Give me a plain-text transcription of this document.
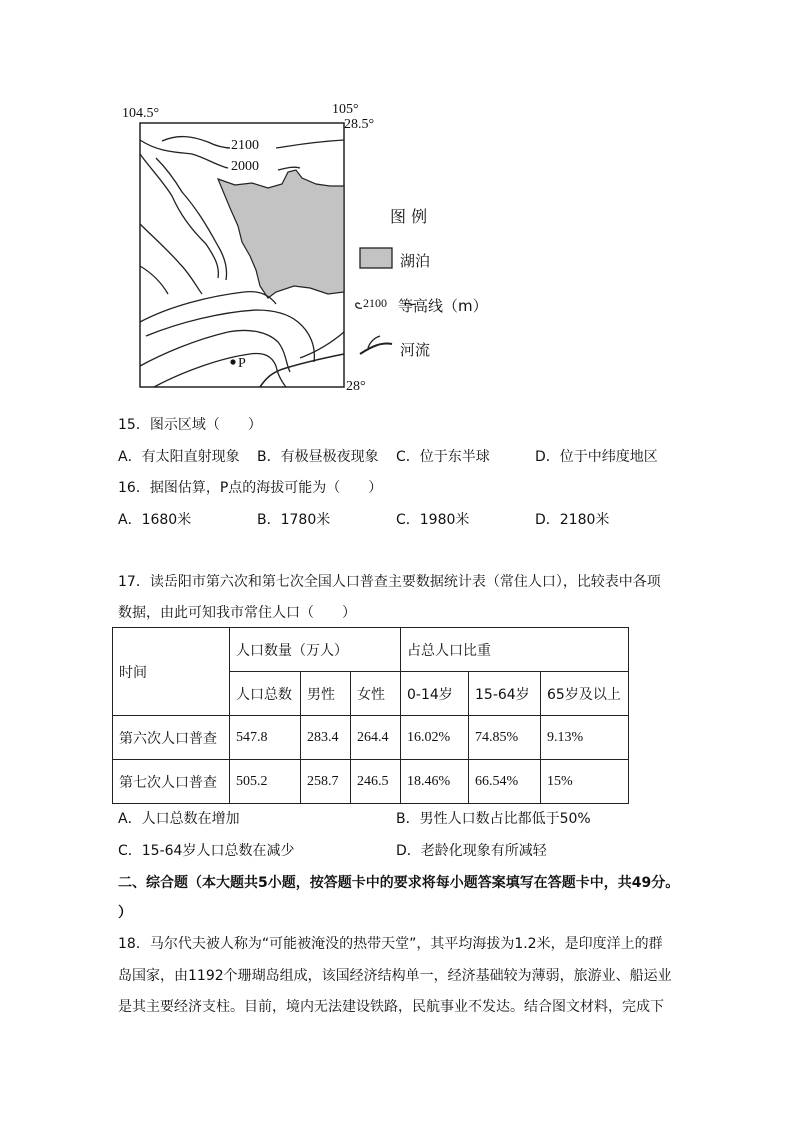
104.5°	105°
28.5°
28°
2100
2000
P
图 例
湖泊
2100 等高线（m）
河流
15．图示区域（　　）
A．有太阳直射现象 B．有极昼极夜现象 C．位于东半球	D．位于中纬度地区
16．据图估算，P点的海拔可能为（　　）
A．1680米	B．1780米	C．1980米	D．2180米
17．读岳阳市第六次和第七次全国人口普查主要数据统计表（常住人口），比较表中各项
数据，由此可知我市常住人口（　　）
时间	人口数量（万人）			占总人口比重		
	人口总数	男性	女性	0-14岁	15-64岁	65岁及以上
第六次人口普查	547.8	283.4	264.4	16.02%	74.85%	9.13%
第七次人口普查	505.2	258.7	246.5	18.46%	66.54%	15%
A．人口总数在增加	B．男性人口数占比都低于50%
C．15-64岁人口总数在减少	D．老龄化现象有所减轻
二、综合题（本大题共5小题，按答题卡中的要求将每小题答案填写在答题卡中，共49分。
）
18．马尔代夫被人称为“可能被淹没的热带天堂”，其平均海拔为1.2米，是印度洋上的群
岛国家，由1192个珊瑚岛组成，该国经济结构单一，经济基础较为薄弱，旅游业、船运业
是其主要经济支柱。目前，境内无法建设铁路，民航事业不发达。结合图文材料，完成下
